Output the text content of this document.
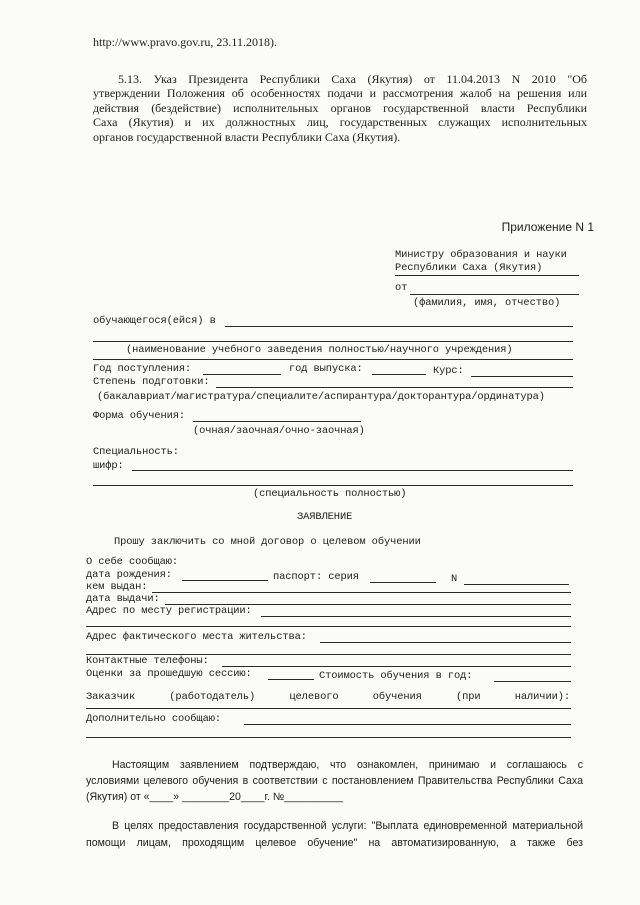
http://www.pravo.gov.ru, 23.11.2018).
5.13. Указ Президента Республики Саха (Якутия) от 11.04.2013 N 2010 "Об
утверждении Положения об особенностях подачи и рассмотрения жалоб на решения или
действия (бездействие) исполнительных органов государственной власти Республики
Саха (Якутия) и их должностных лиц, государственных служащих исполнительных
органов государственной власти Республики Саха (Якутия).
Приложение N 1
Министру образования и науки
Республики Саха (Якутия)
от
(фамилия, имя, отчество)
обучающегося(ейся) в
(наименование учебного заведения полностью/научного учреждения)
Год поступления:	год выпуска:	Курс:
Степень подготовки:
(бакалавриат/магистратура/специалите/аспирантура/докторантура/ординатура)
Форма обучения:
(очная/заочная/очно-заочная)
Специальность:
шифр:
(специальность полностью)
ЗАЯВЛЕНИЕ
Прошу заключить со мной договор о целевом обучении
О себе сообщаю:
дата рождения:	паспорт: серия	N
кем выдан:
дата выдачи:
Адрес по месту регистрации:
Адрес фактического места жительства:
Контактные телефоны:
Оценки за прошедшую сессию:	Стоимость обучения в год:
Заказчик (работодатель) целевого обучения (при наличии):
Дополнительно сообщаю:
Настоящим заявлением подтверждаю, что ознакомлен, принимаю и соглашаюсь с
условиями целевого обучения в соответствии с постановлением Правительства Республики Саха
(Якутия) от «____» ________20____г. №__________
В целях предоставления государственной услуги: "Выплата единовременной материальной
помощи лицам, проходящим целевое обучение" на автоматизированную, а также без
